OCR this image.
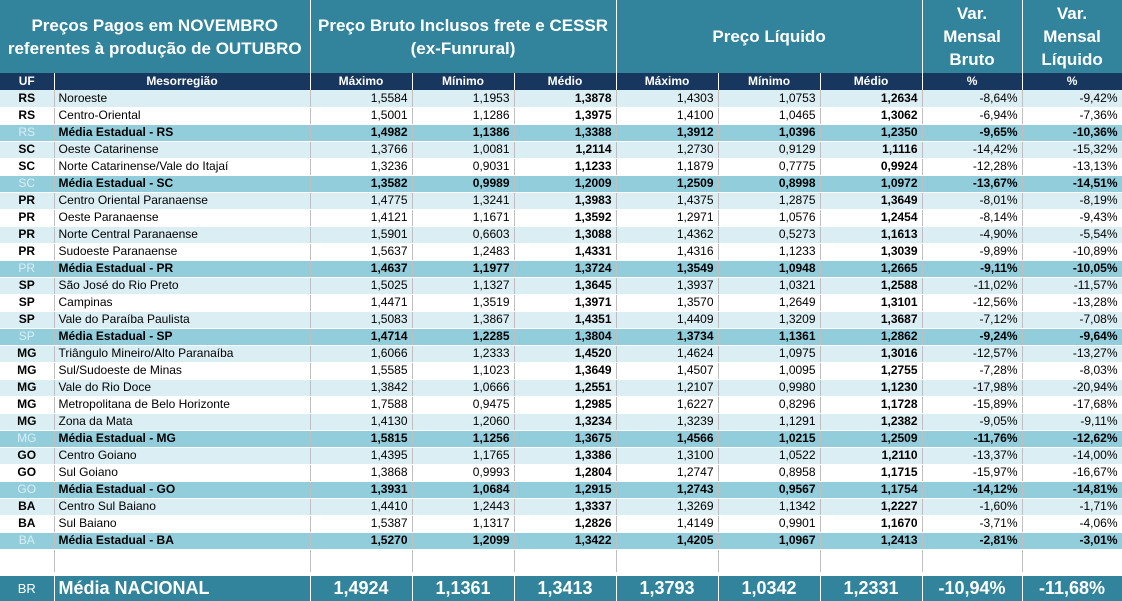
Preços Pagos em NOVEMBRO referentes à produção de OUTUBRO		Preço Bruto Inclusos frete e CESSR (ex-Funrural)			Preço Líquido			Var. Mensal Bruto	Var. Mensal Líquido
UF	Mesorregião	Máximo	Mínimo	Médio	Máximo	Mínimo	Médio	%	%
RS	Noroeste	1,5584	1,1953	1,3878	1,4303	1,0753	1,2634	-8,64%	-9,42%
RS	Centro-Oriental	1,5001	1,1286	1,3975	1,4100	1,0465	1,3062	-6,94%	-7,36%
RS	Média Estadual - RS	1,4982	1,1386	1,3388	1,3912	1,0396	1,2350	-9,65%	-10,36%
SC	Oeste Catarinense	1,3766	1,0081	1,2114	1,2730	0,9129	1,1116	-14,42%	-15,32%
SC	Norte Catarinense/Vale do Itajaí	1,3236	0,9031	1,1233	1,1879	0,7775	0,9924	-12,28%	-13,13%
SC	Média Estadual - SC	1,3582	0,9989	1,2009	1,2509	0,8998	1,0972	-13,67%	-14,51%
PR	Centro Oriental Paranaense	1,4775	1,3241	1,3983	1,4375	1,2875	1,3649	-8,01%	-8,19%
PR	Oeste Paranaense	1,4121	1,1671	1,3592	1,2971	1,0576	1,2454	-8,14%	-9,43%
PR	Norte Central Paranaense	1,5901	0,6603	1,3088	1,4362	0,5273	1,1613	-4,90%	-5,54%
PR	Sudoeste Paranaense	1,5637	1,2483	1,4331	1,4316	1,1233	1,3039	-9,89%	-10,89%
PR	Média Estadual - PR	1,4637	1,1977	1,3724	1,3549	1,0948	1,2665	-9,11%	-10,05%
SP	São José do Rio Preto	1,5025	1,1327	1,3645	1,3937	1,0321	1,2588	-11,02%	-11,57%
SP	Campinas	1,4471	1,3519	1,3971	1,3570	1,2649	1,3101	-12,56%	-13,28%
SP	Vale do Paraíba Paulista	1,5083	1,3867	1,4351	1,4409	1,3209	1,3687	-7,12%	-7,08%
SP	Média Estadual - SP	1,4714	1,2285	1,3804	1,3734	1,1361	1,2862	-9,24%	-9,64%
MG	Triângulo Mineiro/Alto Paranaíba	1,6066	1,2333	1,4520	1,4624	1,0975	1,3016	-12,57%	-13,27%
MG	Sul/Sudoeste de Minas	1,5585	1,1023	1,3649	1,4507	1,0095	1,2755	-7,28%	-8,03%
MG	Vale do Rio Doce	1,3842	1,0666	1,2551	1,2107	0,9980	1,1230	-17,98%	-20,94%
MG	Metropolitana de Belo Horizonte	1,7588	0,9475	1,2985	1,6227	0,8296	1,1728	-15,89%	-17,68%
MG	Zona da Mata	1,4130	1,2060	1,3234	1,3239	1,1291	1,2382	-9,05%	-9,11%
MG	Média Estadual - MG	1,5815	1,1256	1,3675	1,4566	1,0215	1,2509	-11,76%	-12,62%
GO	Centro Goiano	1,4395	1,1765	1,3386	1,3100	1,0522	1,2110	-13,37%	-14,00%
GO	Sul Goiano	1,3868	0,9993	1,2804	1,2747	0,8958	1,1715	-15,97%	-16,67%
GO	Média Estadual - GO	1,3931	1,0684	1,2915	1,2743	0,9567	1,1754	-14,12%	-14,81%
BA	Centro Sul Baiano	1,4410	1,2443	1,3337	1,3269	1,1342	1,2227	-1,60%	-1,71%
BA	Sul Baiano	1,5387	1,1317	1,2826	1,4149	0,9901	1,1670	-3,71%	-4,06%
BA	Média Estadual - BA	1,5270	1,2099	1,3422	1,4205	1,0967	1,2413	-2,81%	-3,01%

BR	Média NACIONAL	1,4924	1,1361	1,3413	1,3793	1,0342	1,2331	-10,94%	-11,68%
